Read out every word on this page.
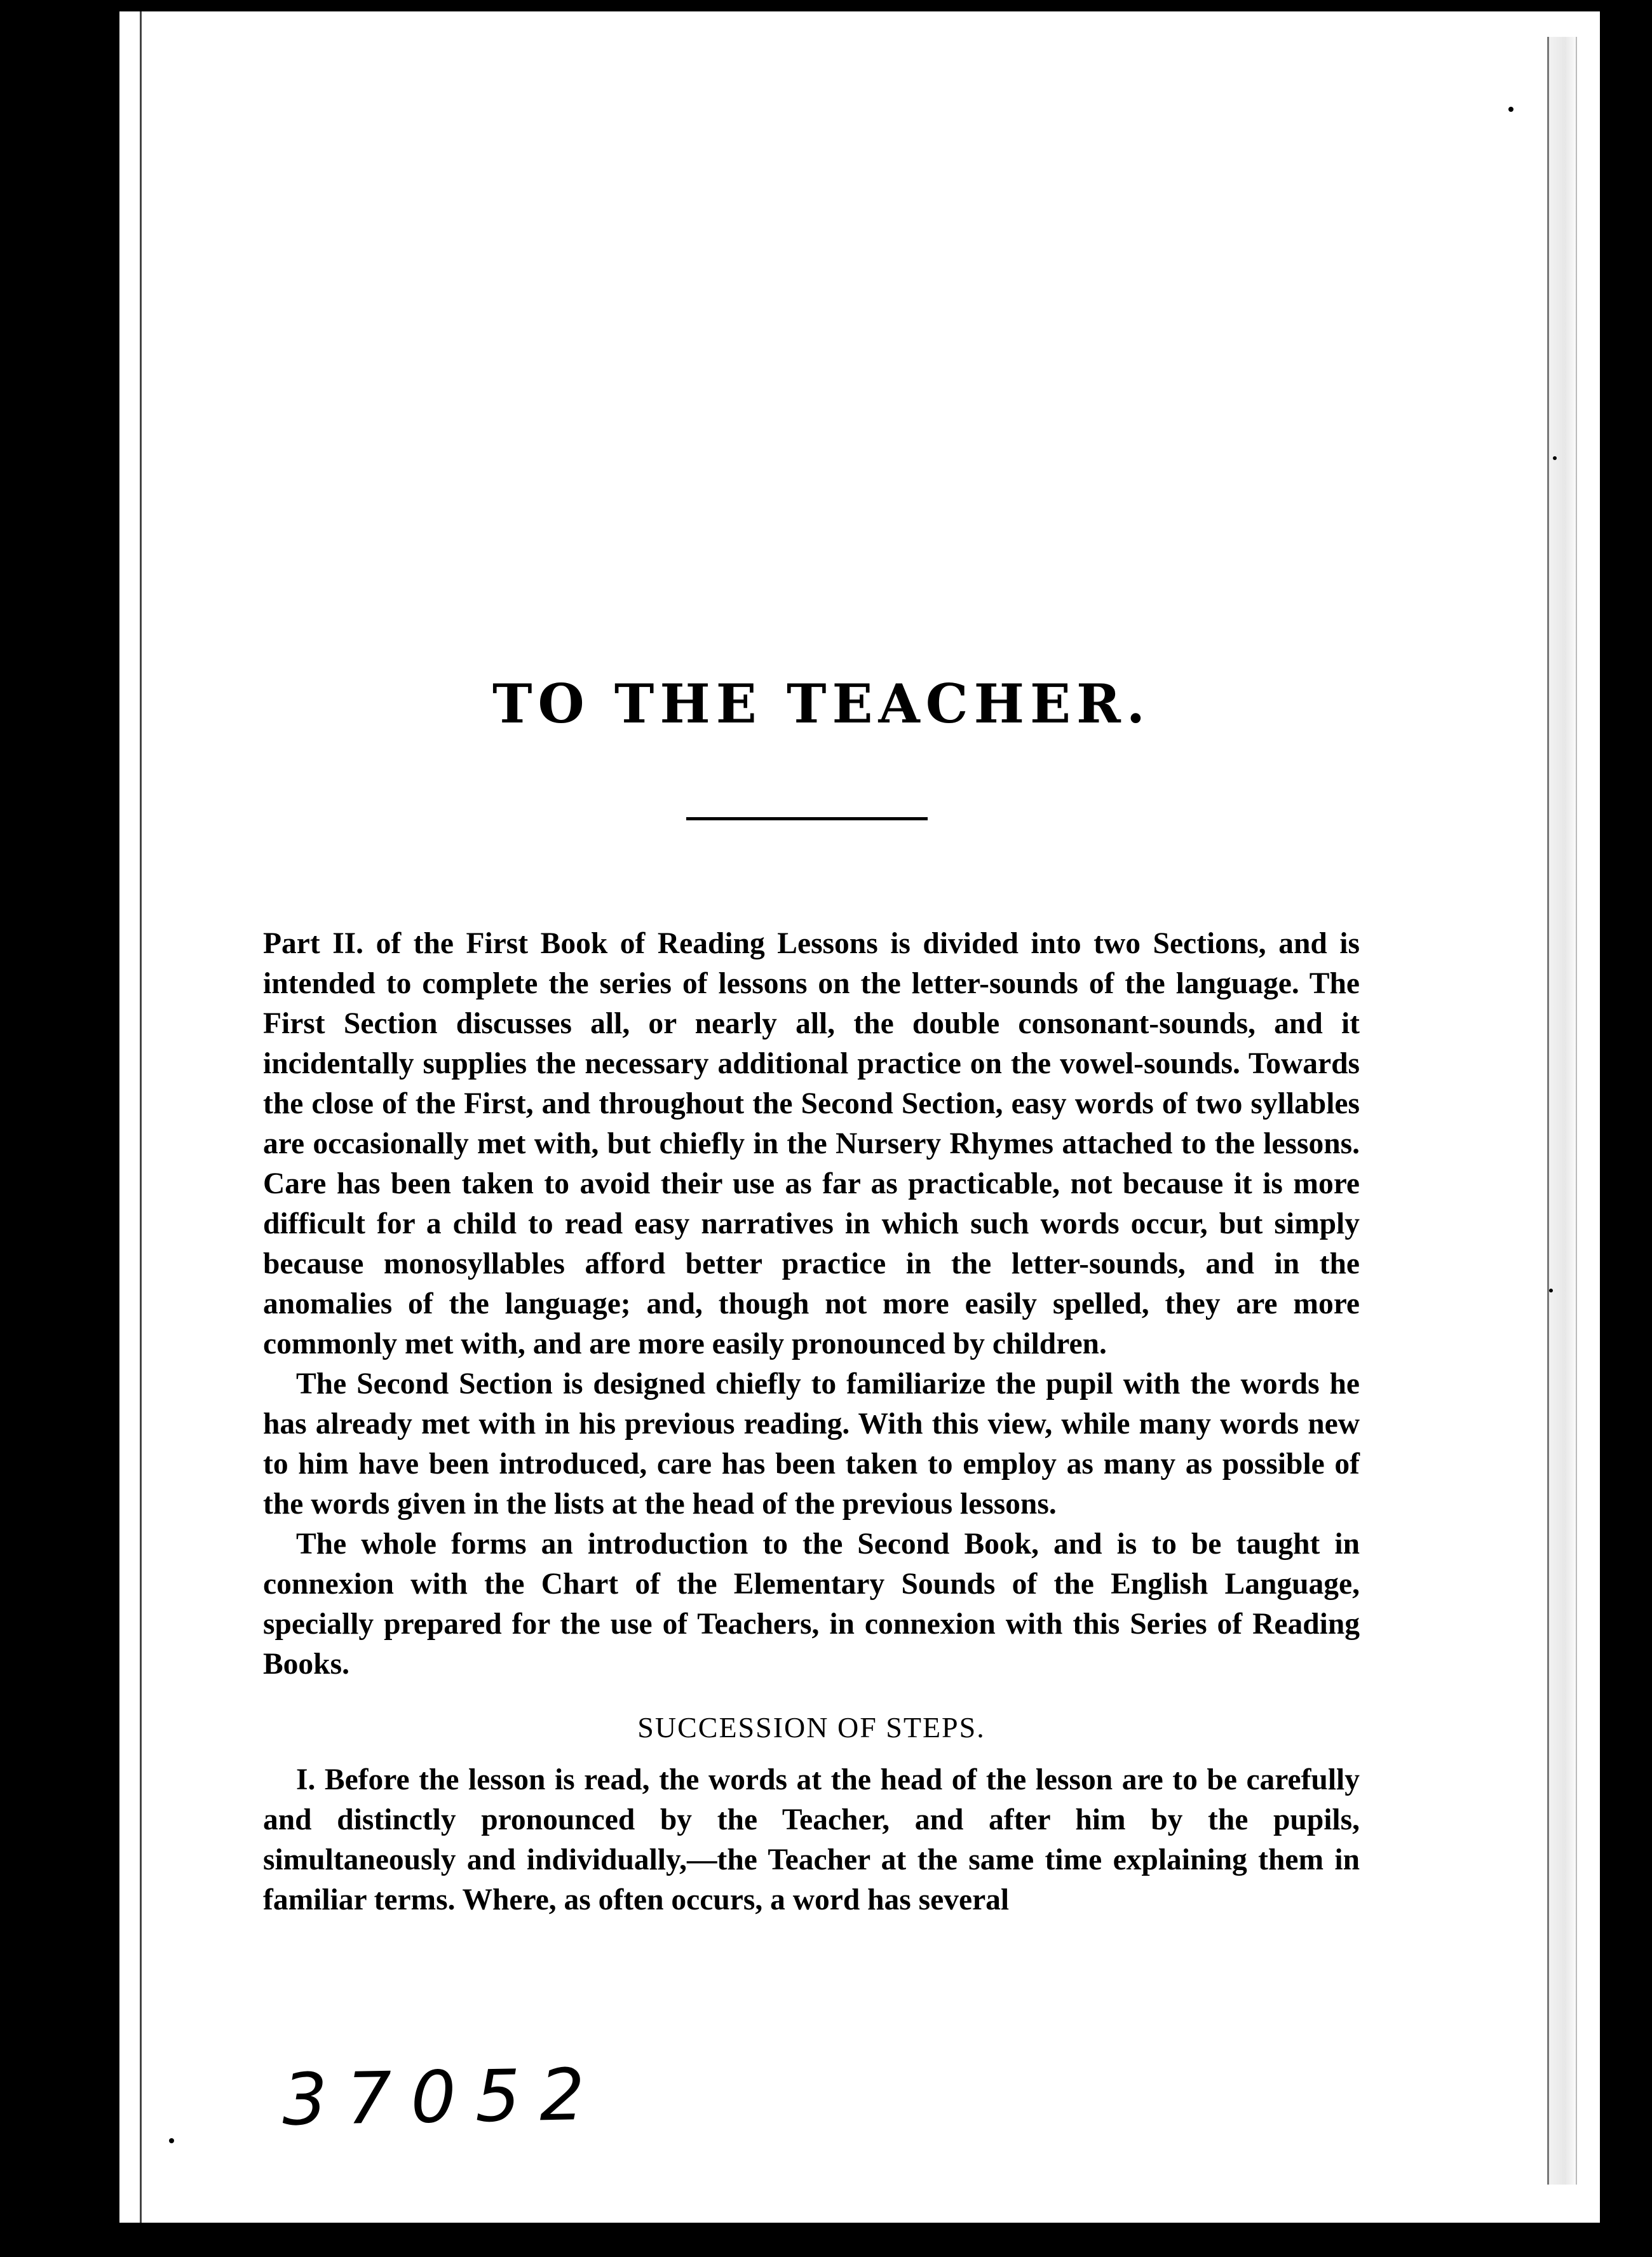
TO THE TEACHER.

Part II. of the First Book of Reading Lessons is divided into two Sections, and is intended to complete the series of lessons on the letter-sounds of the language. The First Section discusses all, or nearly all, the double consonant-sounds, and it incidentally supplies the necessary additional practice on the vowel-sounds. Towards the close of the First, and throughout the Second Section, easy words of two syllables are occasionally met with, but chiefly in the Nursery Rhymes attached to the lessons. Care has been taken to avoid their use as far as practicable, not because it is more difficult for a child to read easy narratives in which such words occur, but simply because monosyllables afford better practice in the letter-sounds, and in the anomalies of the language; and, though not more easily spelled, they are more commonly met with, and are more easily pronounced by children.

The Second Section is designed chiefly to familiarize the pupil with the words he has already met with in his previous reading. With this view, while many words new to him have been introduced, care has been taken to employ as many as possible of the words given in the lists at the head of the previous lessons.

The whole forms an introduction to the Second Book, and is to be taught in connexion with the Chart of the Elementary Sounds of the English Language, specially prepared for the use of Teachers, in connexion with this Series of Reading Books.

SUCCESSION OF STEPS.

I. Before the lesson is read, the words at the head of the lesson are to be carefully and distinctly pronounced by the Teacher, and after him by the pupils, simultaneously and individually,—the Teacher at the same time explaining them in familiar terms. Where, as often occurs, a word has several

37052
